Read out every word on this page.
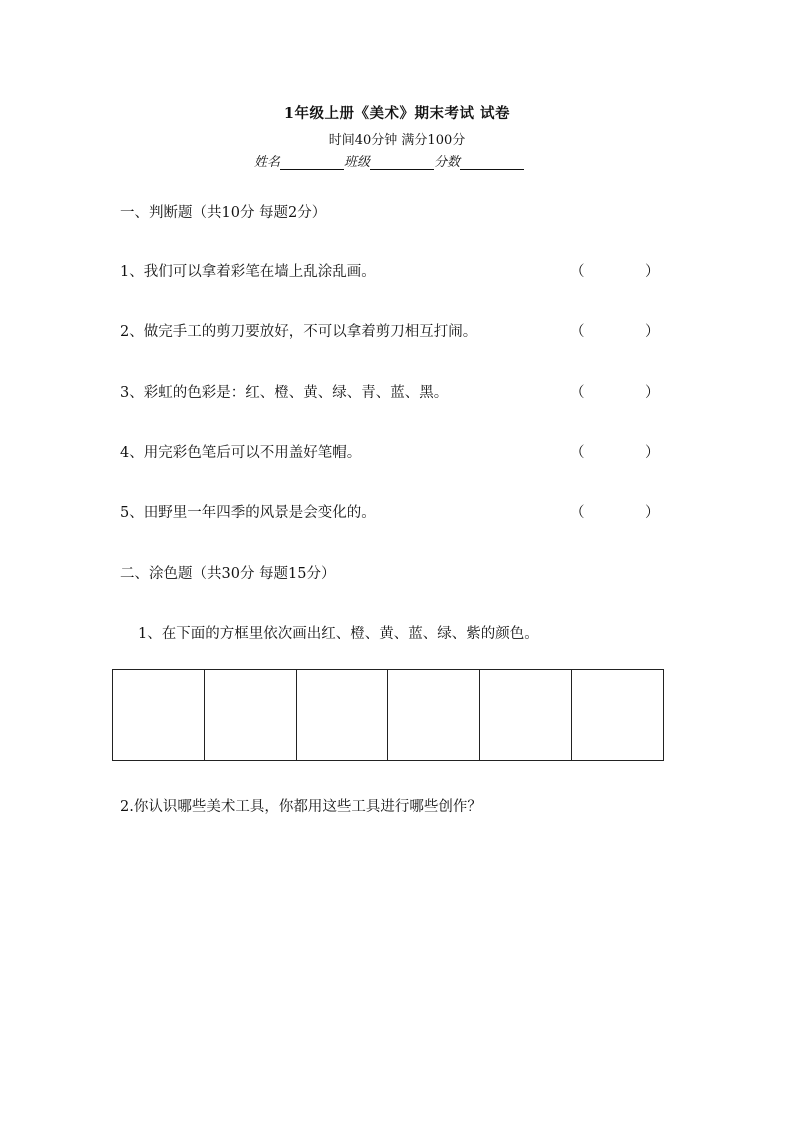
1年级上册《美术》期末考试 试卷
时间40分钟 满分100分
姓名	班级	分数
一、判断题（共10分 每题2分）
1、我们可以拿着彩笔在墙上乱涂乱画。	（	）
2、做完手工的剪刀要放好，不可以拿着剪刀相互打闹。	（	）
3、彩虹的色彩是：红、橙、黄、绿、青、蓝、黑。	（	）
4、用完彩色笔后可以不用盖好笔帽。	（	）
5、田野里一年四季的风景是会变化的。	（	）
二、涂色题（共30分 每题15分）
1、在下面的方框里依次画出红、橙、黄、蓝、绿、紫的颜色。
2.你认识哪些美术工具，你都用这些工具进行哪些创作？
